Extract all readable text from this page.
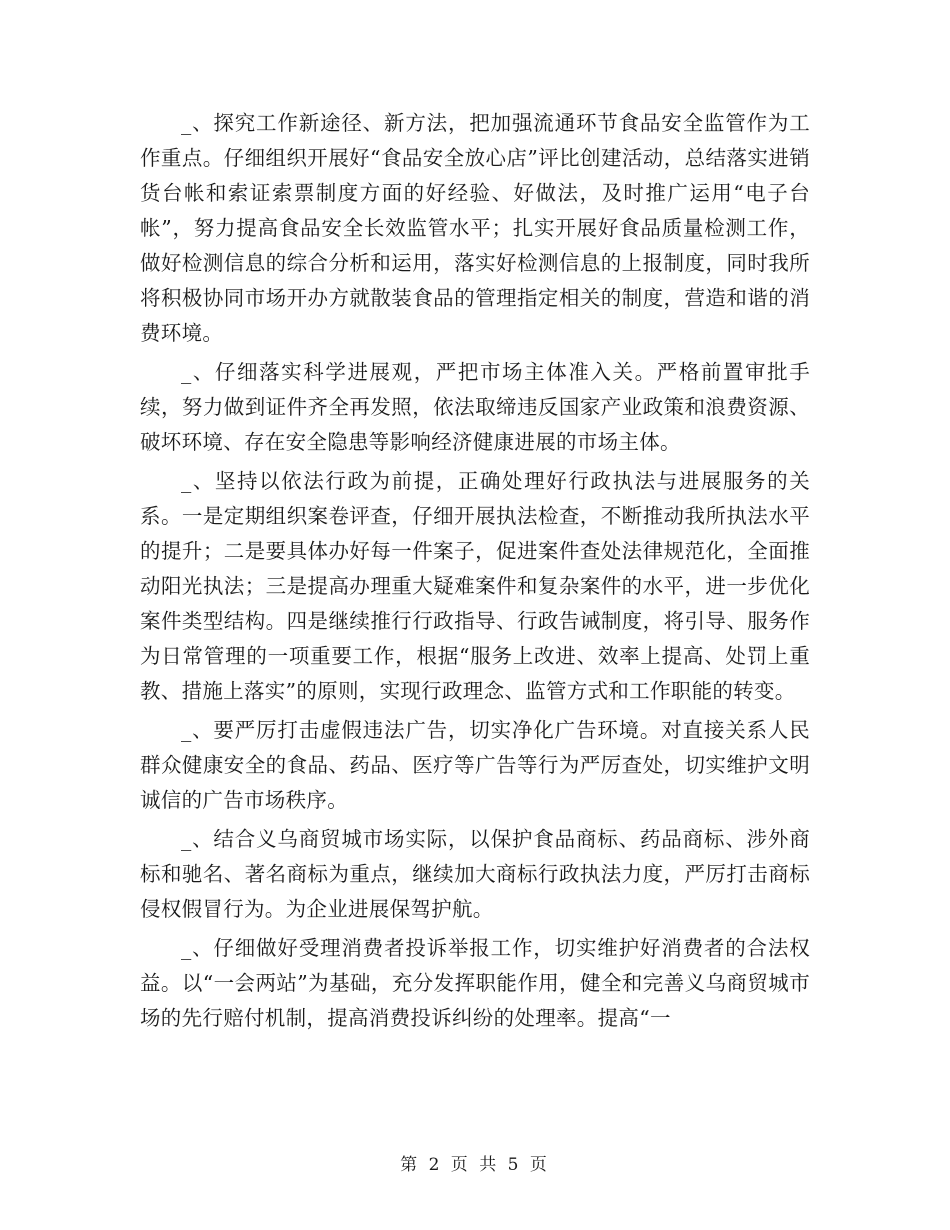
_、探究工作新途径、新方法，把加强流通环节食品安全监管作为工作重点。仔细组织开展好“食品安全放心店”评比创建活动，总结落实进销货台帐和索证索票制度方面的好经验、好做法，及时推广运用“电子台帐”，努力提高食品安全长效监管水平；扎实开展好食品质量检测工作，做好检测信息的综合分析和运用，落实好检测信息的上报制度，同时我所将积极协同市场开办方就散装食品的管理指定相关的制度，营造和谐的消费环境。

_、仔细落实科学进展观，严把市场主体准入关。严格前置审批手续，努力做到证件齐全再发照，依法取缔违反国家产业政策和浪费资源、破坏环境、存在安全隐患等影响经济健康进展的市场主体。

_、坚持以依法行政为前提，正确处理好行政执法与进展服务的关系。一是定期组织案卷评查，仔细开展执法检查，不断推动我所执法水平的提升；二是要具体办好每一件案子，促进案件查处法律规范化，全面推动阳光执法；三是提高办理重大疑难案件和复杂案件的水平，进一步优化案件类型结构。四是继续推行行政指导、行政告诫制度，将引导、服务作为日常管理的一项重要工作，根据“服务上改进、效率上提高、处罚上重教、措施上落实”的原则，实现行政理念、监管方式和工作职能的转变。

_、要严厉打击虚假违法广告，切实净化广告环境。对直接关系人民群众健康安全的食品、药品、医疗等广告等行为严厉查处，切实维护文明诚信的广告市场秩序。

_、结合义乌商贸城市场实际，以保护食品商标、药品商标、涉外商标和驰名、著名商标为重点，继续加大商标行政执法力度，严厉打击商标侵权假冒行为。为企业进展保驾护航。

_、仔细做好受理消费者投诉举报工作，切实维护好消费者的合法权益。以“一会两站”为基础，充分发挥职能作用，健全和完善义乌商贸城市场的先行赔付机制，提高消费投诉纠纷的处理率。提高“一

第 2 页 共 5 页
